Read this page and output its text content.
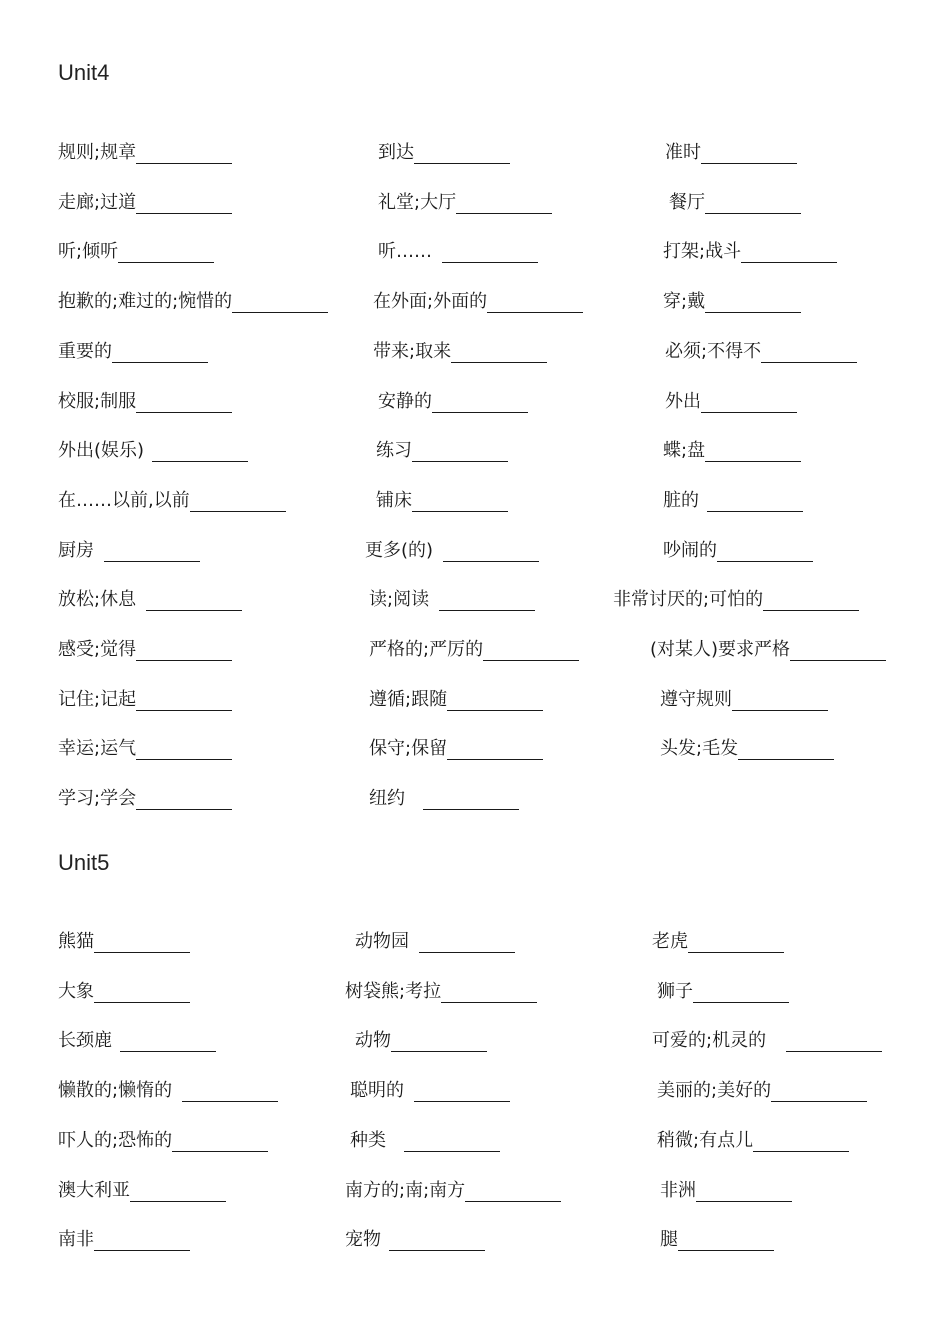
Unit4
规则;规章	到达	准时
走廊;过道	礼堂;大厅	餐厅
听;倾听	听……	打架;战斗
抱歉的;难过的;惋惜的	在外面;外面的	穿;戴
重要的	带来;取来	必须;不得不
校服;制服	安静的	外出
外出(娱乐)	练习	蝶;盘
在……以前,以前	铺床	脏的
厨房	更多(的)	吵闹的
放松;休息	读;阅读	非常讨厌的;可怕的
感受;觉得	严格的;严厉的	(对某人)要求严格
记住;记起	遵循;跟随	遵守规则
幸运;运气	保守;保留	头发;毛发
学习;学会	纽约
Unit5
熊猫	动物园	老虎
大象	树袋熊;考拉	狮子
长颈鹿	动物	可爱的;机灵的
懒散的;懒惰的	聪明的	美丽的;美好的
吓人的;恐怖的	种类	稍微;有点儿
澳大利亚	南方的;南;南方	非洲
南非	宠物	腿
